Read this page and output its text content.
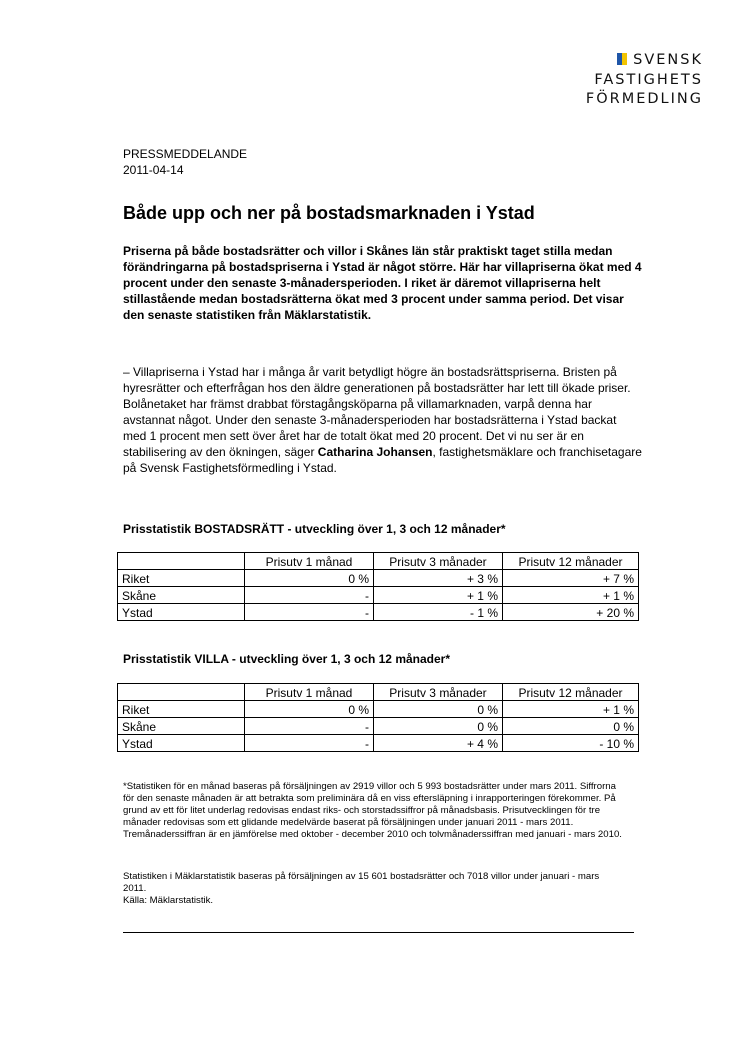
SVENSK
FASTIGHETS
FÖRMEDLING
PRESSMEDDELANDE
2011-04-14
Både upp och ner på bostadsmarknaden i Ystad

Priserna på både bostadsrätter och villor i Skånes län står praktiskt taget stilla medan förändringarna på bostadspriserna i Ystad är något större. Här har villapriserna ökat med 4 procent under den senaste 3-månadersperioden. I riket är däremot villapriserna helt stillastående medan bostadsrätterna ökat med 3 procent under samma period. Det visar den senaste statistiken från Mäklarstatistik.

– Villapriserna i Ystad har i många år varit betydligt högre än bostadsrättspriserna. Bristen på hyresrätter och efterfrågan hos den äldre generationen på bostadsrätter har lett till ökade priser. Bolånetaket har främst drabbat förstagångsköparna på villamarknaden, varpå denna har avstannat något. Under den senaste 3-månadersperioden har bostadsrätterna i Ystad backat med 1 procent men sett över året har de totalt ökat med 20 procent. Det vi nu ser är en stabilisering av den ökningen, säger Catharina Johansen, fastighetsmäklare och franchisetagare på Svensk Fastighetsförmedling i Ystad.

Prisstatistik BOSTADSRÄTT - utveckling över 1, 3 och 12 månader*

	Prisutv 1 månad	Prisutv 3 månader	Prisutv 12 månader
Riket	0 %	+ 3 %	+ 7 %
Skåne	-	+ 1 %	+ 1 %
Ystad	-	- 1 %	+ 20 %

Prisstatistik VILLA - utveckling över 1, 3 och 12 månader*

	Prisutv 1 månad	Prisutv 3 månader	Prisutv 12 månader
Riket	0 %	0 %	+ 1 %
Skåne	-	0 %	0 %
Ystad	-	+ 4 %	- 10 %

*Statistiken för en månad baseras på försäljningen av 2919 villor och 5 993 bostadsrätter under mars 2011. Siffrorna för den senaste månaden är att betrakta som preliminära då en viss eftersläpning i inrapporteringen förekommer. På grund av ett för litet underlag redovisas endast riks- och storstadssiffror på månadsbasis. Prisutvecklingen för tre månader redovisas som ett glidande medelvärde baserat på försäljningen under januari 2011 - mars 2011. Tremånaderssiffran är en jämförelse med oktober - december 2010 och tolvmånaderssiffran med januari - mars 2010.

Statistiken i Mäklarstatistik baseras på försäljningen av 15 601 bostadsrätter och 7018 villor under januari - mars 2011.

Källa: Mäklarstatistik.
